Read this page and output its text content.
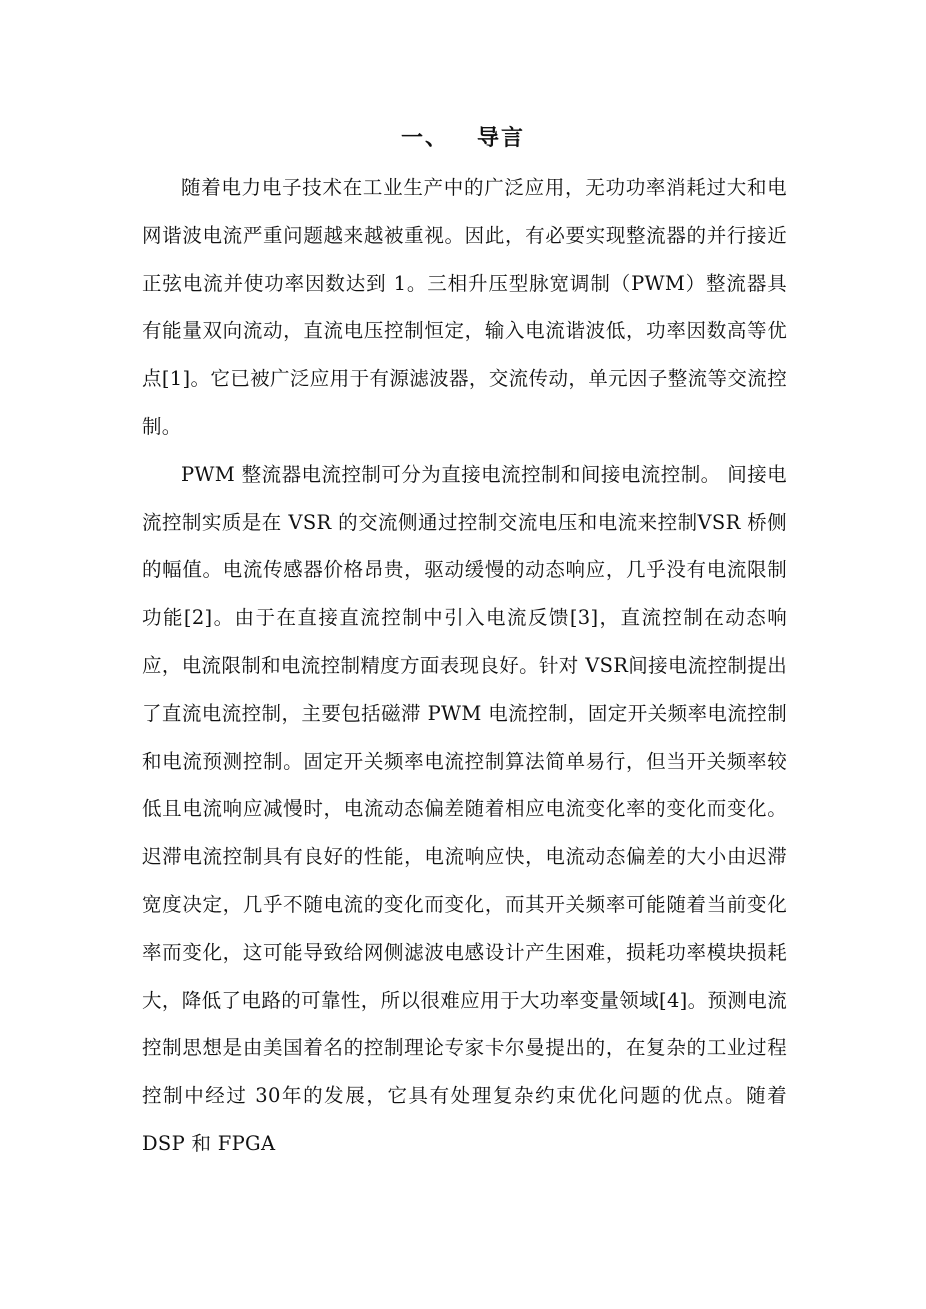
一、 导言

随着电力电子技术在工业生产中的广泛应用，无功功率消耗过大和电网谐波电流严重问题越来越被重视。因此，有必要实现整流器的并行接近正弦电流并使功率因数达到 1。三相升压型脉宽调制（PWM）整流器具有能量双向流动，直流电压控制恒定，输入电流谐波低，功率因数高等优点[1]。它已被广泛应用于有源滤波器，交流传动，单元因子整流等交流控制。

PWM 整流器电流控制可分为直接电流控制和间接电流控制。 间接电流控制实质是在 VSR 的交流侧通过控制交流电压和电流来控制VSR 桥侧的幅值。电流传感器价格昂贵，驱动缓慢的动态响应，几乎没有电流限制功能[2]。由于在直接直流控制中引入电流反馈[3]，直流控制在动态响应，电流限制和电流控制精度方面表现良好。针对 VSR间接电流控制提出了直流电流控制，主要包括磁滞 PWM 电流控制，固定开关频率电流控制和电流预测控制。固定开关频率电流控制算法简单易行，但当开关频率较低且电流响应减慢时，电流动态偏差随着相应电流变化率的变化而变化。迟滞电流控制具有良好的性能，电流响应快，电流动态偏差的大小由迟滞宽度决定，几乎不随电流的变化而变化，而其开关频率可能随着当前变化率而变化，这可能导致给网侧滤波电感设计产生困难，损耗功率模块损耗大，降低了电路的可靠性，所以很难应用于大功率变量领域[4]。预测电流控制思想是由美国着名的控制理论专家卡尔曼提出的，在复杂的工业过程控制中经过 30年的发展，它具有处理复杂约束优化问题的优点。随着 DSP 和 FPGA
